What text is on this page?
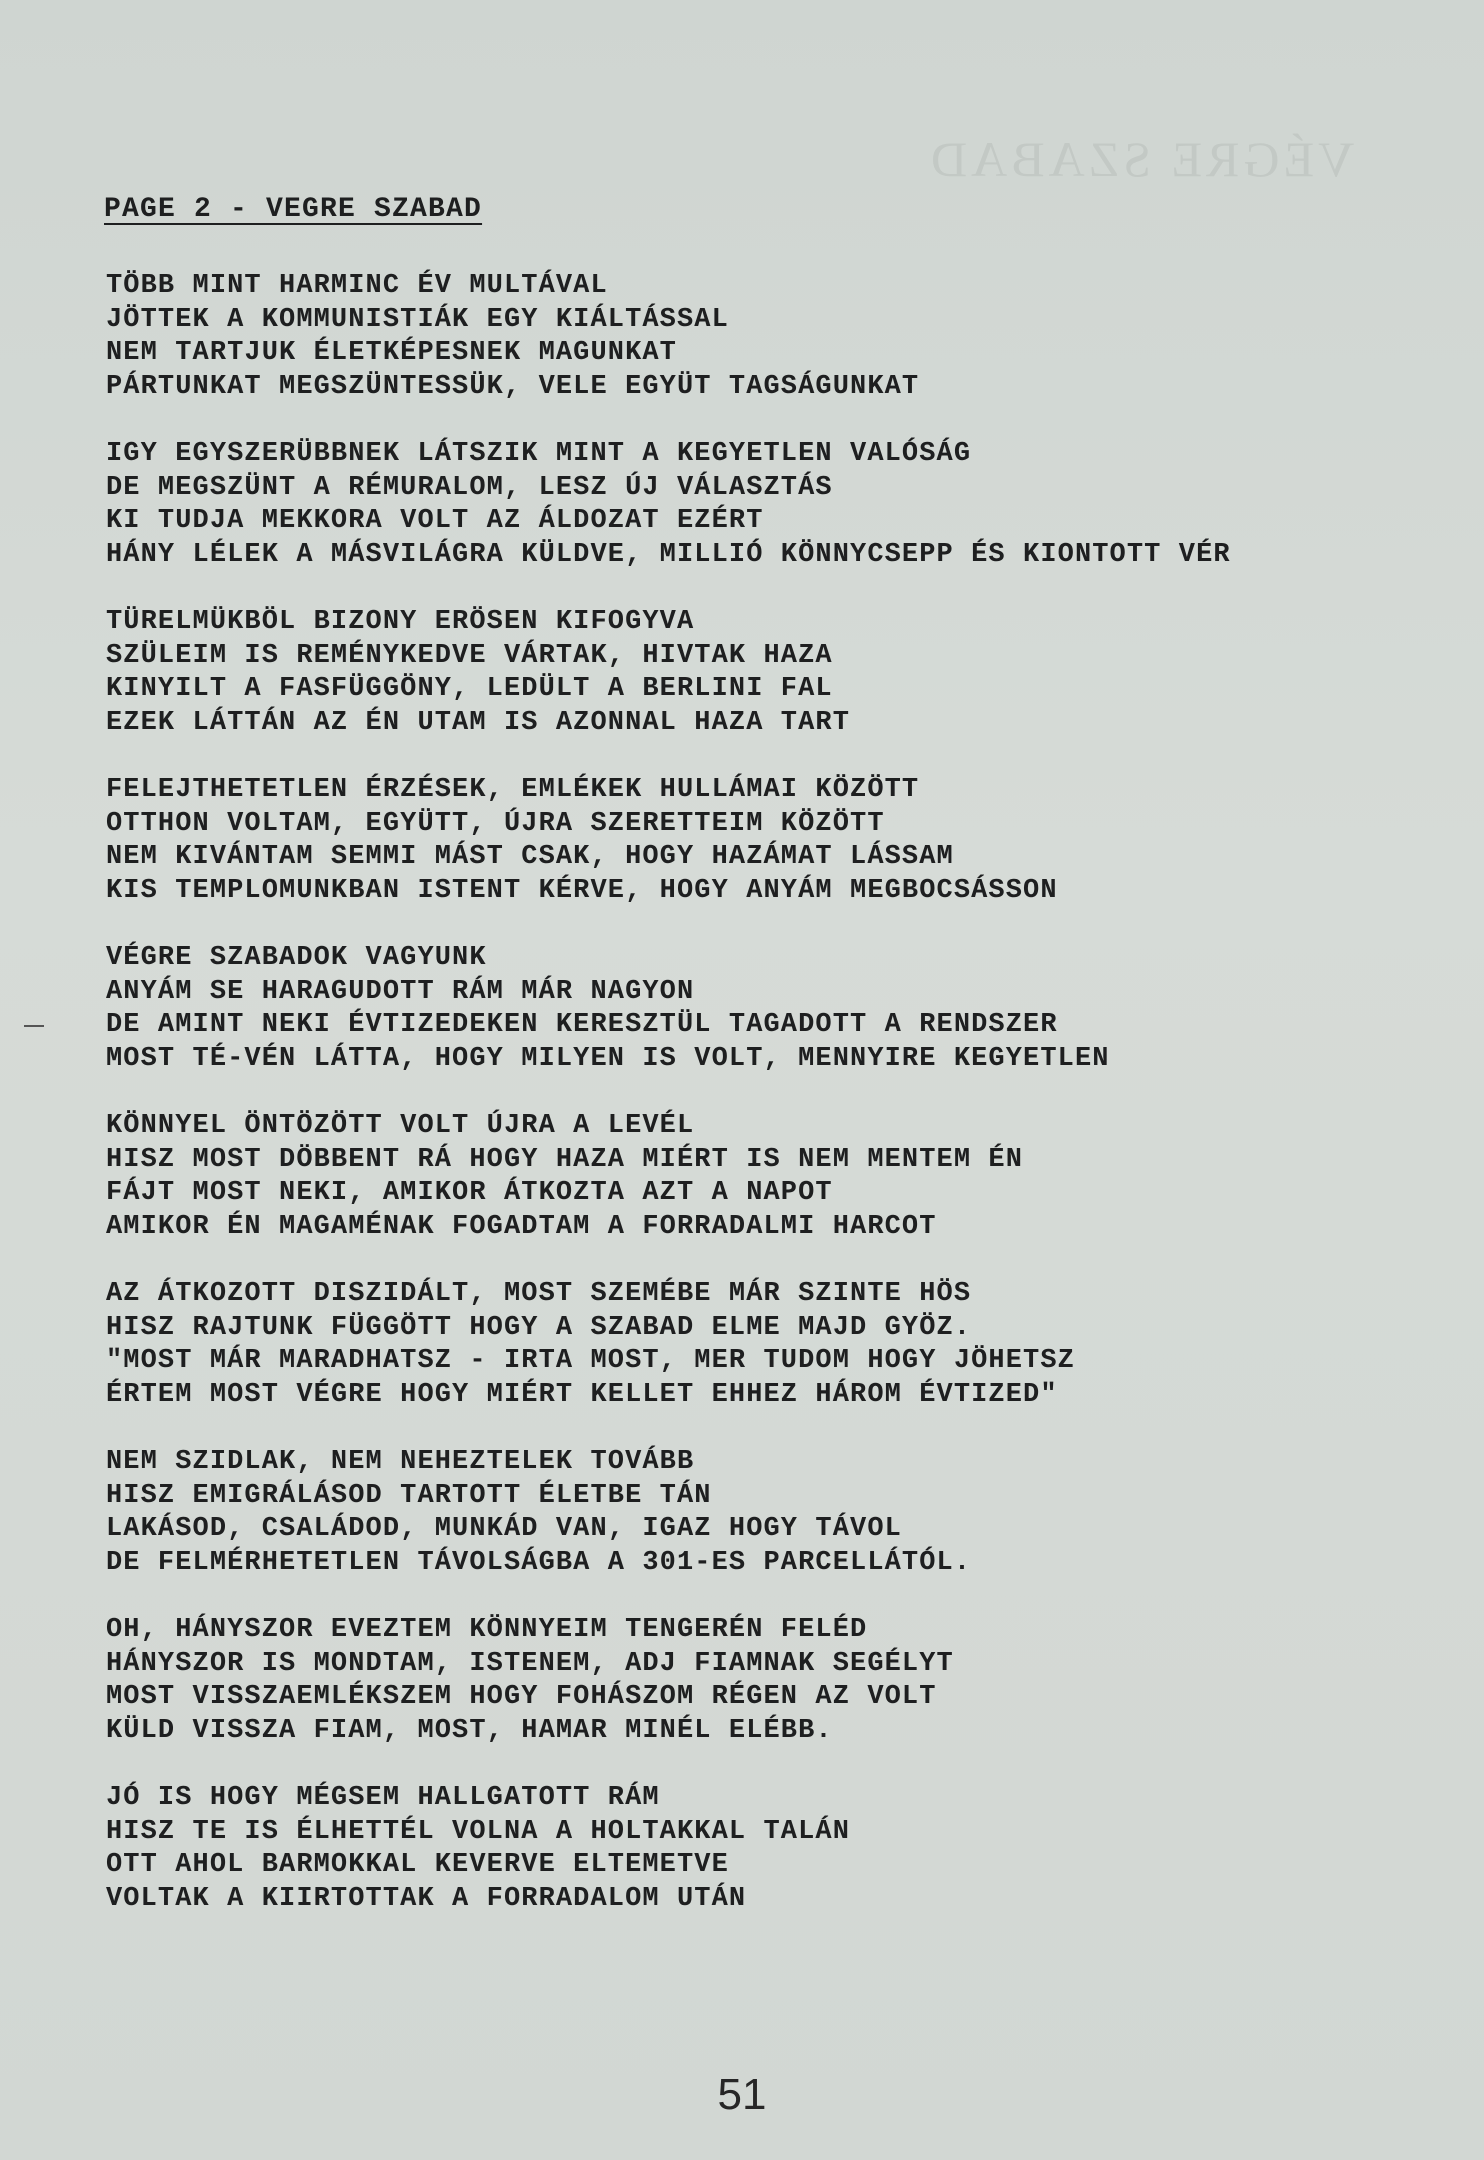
VÉGRE SZABAD
PAGE 2 - VEGRE SZABAD
TÖBB MINT HARMINC ÉV MULTÁVAL
JÖTTEK A KOMMUNISTIÁK EGY KIÁLTÁSSAL
NEM TARTJUK ÉLETKÉPESNEK MAGUNKAT
PÁRTUNKAT MEGSZÜNTESSÜK, VELE EGYÜT TAGSÁGUNKAT
IGY EGYSZERÜBBNEK LÁTSZIK MINT A KEGYETLEN VALÓSÁG
DE MEGSZÜNT A RÉMURALOM, LESZ ÚJ VÁLASZTÁS
KI TUDJA MEKKORA VOLT AZ ÁLDOZAT EZÉRT
HÁNY LÉLEK A MÁSVILÁGRA KÜLDVE, MILLIÓ KÖNNYCSEPP ÉS KIONTOTT VÉR
TÜRELMÜKBÖL BIZONY ERÖSEN KIFOGYVA
SZÜLEIM IS REMÉNYKEDVE VÁRTAK, HIVTAK HAZA
KINYILT A FASFÜGGÖNY, LEDÜLT A BERLINI FAL
EZEK LÁTTÁN AZ ÉN UTAM IS AZONNAL HAZA TART
FELEJTHETETLEN ÉRZÉSEK, EMLÉKEK HULLÁMAI KÖZÖTT
OTTHON VOLTAM, EGYÜTT, ÚJRA SZERETTEIM KÖZÖTT
NEM KIVÁNTAM SEMMI MÁST CSAK, HOGY HAZÁMAT LÁSSAM
KIS TEMPLOMUNKBAN ISTENT KÉRVE, HOGY ANYÁM MEGBOCSÁSSON
VÉGRE SZABADOK VAGYUNK
ANYÁM SE HARAGUDOTT RÁM MÁR NAGYON
DE AMINT NEKI ÉVTIZEDEKEN KERESZTÜL TAGADOTT A RENDSZER
MOST TÉ-VÉN LÁTTA, HOGY MILYEN IS VOLT, MENNYIRE KEGYETLEN
KÖNNYEL ÖNTÖZÖTT VOLT ÚJRA A LEVÉL
HISZ MOST DÖBBENT RÁ HOGY HAZA MIÉRT IS NEM MENTEM ÉN
FÁJT MOST NEKI, AMIKOR ÁTKOZTA AZT A NAPOT
AMIKOR ÉN MAGAMÉNAK FOGADTAM A FORRADALMI HARCOT
AZ ÁTKOZOTT DISZIDÁLT, MOST SZEMÉBE MÁR SZINTE HÖS
HISZ RAJTUNK FÜGGÖTT HOGY A SZABAD ELME MAJD GYÖZ.
"MOST MÁR MARADHATSZ - IRTA MOST, MER TUDOM HOGY JÖHETSZ
ÉRTEM MOST VÉGRE HOGY MIÉRT KELLET EHHEZ HÁROM ÉVTIZED"
NEM SZIDLAK, NEM NEHEZTELEK TOVÁBB
HISZ EMIGRÁLÁSOD TARTOTT ÉLETBE TÁN
LAKÁSOD, CSALÁDOD, MUNKÁD VAN, IGAZ HOGY TÁVOL
DE FELMÉRHETETLEN TÁVOLSÁGBA A 301-ES PARCELLÁTÓL.
OH, HÁNYSZOR EVEZTEM KÖNNYEIM TENGERÉN FELÉD
HÁNYSZOR IS MONDTAM, ISTENEM, ADJ FIAMNAK SEGÉLYT
MOST VISSZAEMLÉKSZEM HOGY FOHÁSZOM RÉGEN AZ VOLT
KÜLD VISSZA FIAM, MOST, HAMAR MINÉL ELÉBB.
JÓ IS HOGY MÉGSEM HALLGATOTT RÁM
HISZ TE IS ÉLHETTÉL VOLNA A HOLTAKKAL TALÁN
OTT AHOL BARMOKKAL KEVERVE ELTEMETVE
VOLTAK A KIIRTOTTAK A FORRADALOM UTÁN
51
